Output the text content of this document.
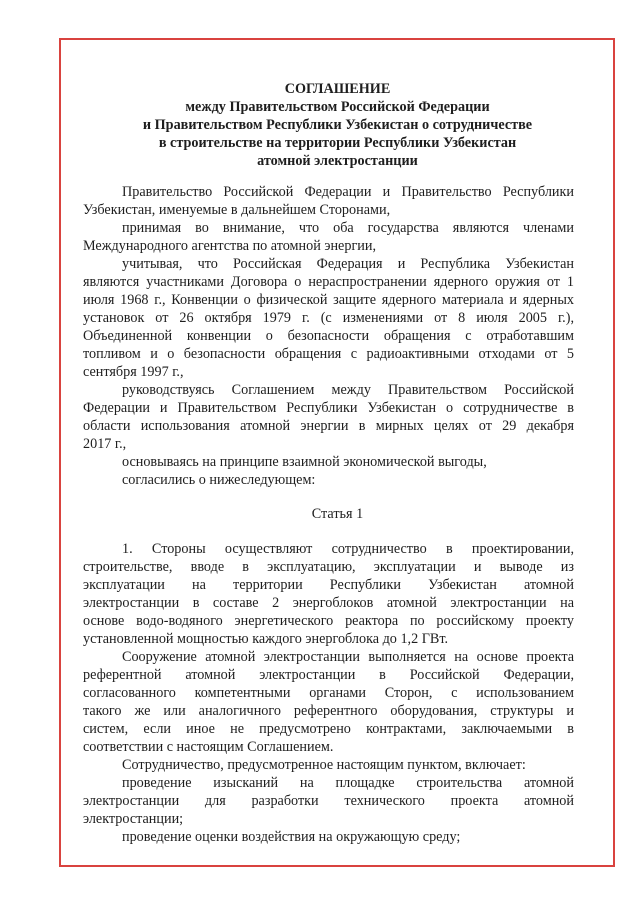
СОГЛАШЕНИЕ
между Правительством Российской Федерации
и Правительством Республики Узбекистан о сотрудничестве
в строительстве на территории Республики Узбекистан
атомной электростанции
Правительство Российской Федерации и Правительство Республики
Узбекистан, именуемые в дальнейшем Сторонами,
принимая во внимание, что оба государства являются членами
Международного агентства по атомной энергии,
учитывая, что Российская Федерация и Республика Узбекистан
являются участниками Договора о нераспространении ядерного оружия от 1
июля 1968 г., Конвенции о физической защите ядерного материала и ядерных
установок от 26 октября 1979 г. (с изменениями от 8 июля 2005 г.),
Объединенной конвенции о безопасности обращения с отработавшим
топливом и о безопасности обращения с радиоактивными отходами от 5
сентября 1997 г.,
руководствуясь Соглашением между Правительством Российской
Федерации и Правительством Республики Узбекистан о сотрудничестве в
области использования атомной энергии в мирных целях от 29 декабря
2017 г.,
основываясь на принципе взаимной экономической выгоды,
согласились о нижеследующем:
Статья 1
1. Стороны осуществляют сотрудничество в проектировании,
строительстве, вводе в эксплуатацию, эксплуатации и выводе из
эксплуатации на территории Республики Узбекистан атомной
электростанции в составе 2 энергоблоков атомной электростанции на
основе водо-водяного энергетического реактора по российскому проекту
установленной мощностью каждого энергоблока до 1,2 ГВт.
Сооружение атомной электростанции выполняется на основе проекта
референтной атомной электростанции в Российской Федерации,
согласованного компетентными органами Сторон, с использованием
такого же или аналогичного референтного оборудования, структуры и
систем, если иное не предусмотрено контрактами, заключаемыми в
соответствии с настоящим Соглашением.
Сотрудничество, предусмотренное настоящим пунктом, включает:
проведение изысканий на площадке строительства атомной
электростанции для разработки технического проекта атомной
электростанции;
проведение оценки воздействия на окружающую среду;
